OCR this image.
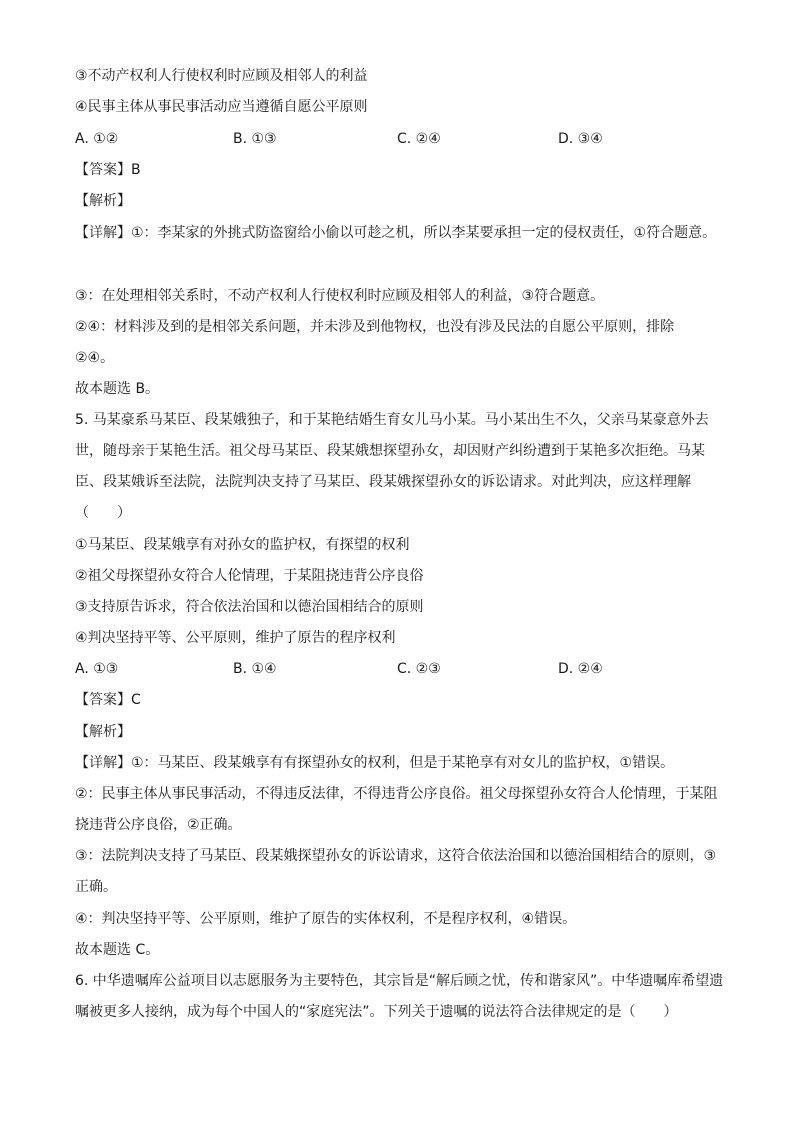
③不动产权利人行使权利时应顾及相邻人的利益
④民事主体从事民事活动应当遵循自愿公平原则
A. ①②	B. ①③	C. ②④	D. ③④
【答案】B
【解析】
【详解】①：李某家的外挑式防盗窗给小偷以可趁之机，所以李某要承担一定的侵权责任，①符合题意。
③：在处理相邻关系时，不动产权利人行使权利时应顾及相邻人的利益，③符合题意。
②④：材料涉及到的是相邻关系问题，并未涉及到他物权，也没有涉及民法的自愿公平原则，排除
②④。
故本题选 B。
5. 马某豪系马某臣、段某娥独子，和于某艳结婚生育女儿马小某。马小某出生不久，父亲马某豪意外去
世，随母亲于某艳生活。祖父母马某臣、段某娥想探望孙女，却因财产纠纷遭到于某艳多次拒绝。马某
臣、段某娥诉至法院，法院判决支持了马某臣、段某娥探望孙女的诉讼请求。对此判决，应这样理解
（　　）
①马某臣、段某娥享有对孙女的监护权，有探望的权利
②祖父母探望孙女符合人伦情理，于某阻挠违背公序良俗
③支持原告诉求，符合依法治国和以德治国相结合的原则
④判决坚持平等、公平原则，维护了原告的程序权利
A. ①③	B. ①④	C. ②③	D. ②④
【答案】C
【解析】
【详解】①：马某臣、段某娥享有有探望孙女的权利，但是于某艳享有对女儿的监护权，①错误。
②：民事主体从事民事活动，不得违反法律，不得违背公序良俗。祖父母探望孙女符合人伦情理，于某阻
挠违背公序良俗，②正确。
③：法院判决支持了马某臣、段某娥探望孙女的诉讼请求，这符合依法治国和以德治国相结合的原则，③
正确。
④：判决坚持平等、公平原则，维护了原告的实体权利，不是程序权利，④错误。
故本题选 C。
6. 中华遗嘱库公益项目以志愿服务为主要特色，其宗旨是“解后顾之忧，传和谐家风”。中华遗嘱库希望遗
嘱被更多人接纳，成为每个中国人的“家庭宪法”。下列关于遗嘱的说法符合法律规定的是（　　）
